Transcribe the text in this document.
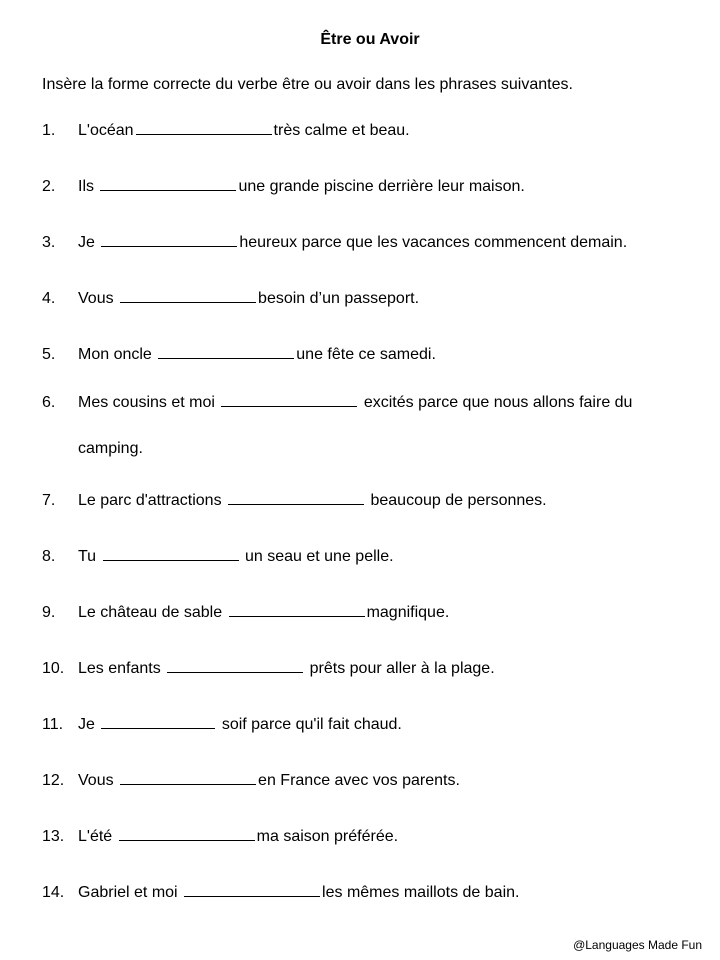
Être ou Avoir
Insère la forme correcte du verbe être ou avoir dans les phrases suivantes.
1. L'océan	très calme et beau.
2. Ils	une grande piscine derrière leur maison.
3. Je	heureux parce que les vacances commencent demain.
4. Vous	besoin d’un passeport.
5. Mon oncle	une fête ce samedi.
6. Mes cousins et moi	excités parce que nous allons faire du
camping.
7. Le parc d'attractions	beaucoup de personnes.
8. Tu	un seau et une pelle.
9. Le château de sable	magnifique.
10. Les enfants	prêts pour aller à la plage.
11. Je	soif parce qu'il fait chaud.
12. Vous	en France avec vos parents.
13. L'été	ma saison préférée.
14. Gabriel et moi	les mêmes maillots de bain.
@Languages Made Fun
